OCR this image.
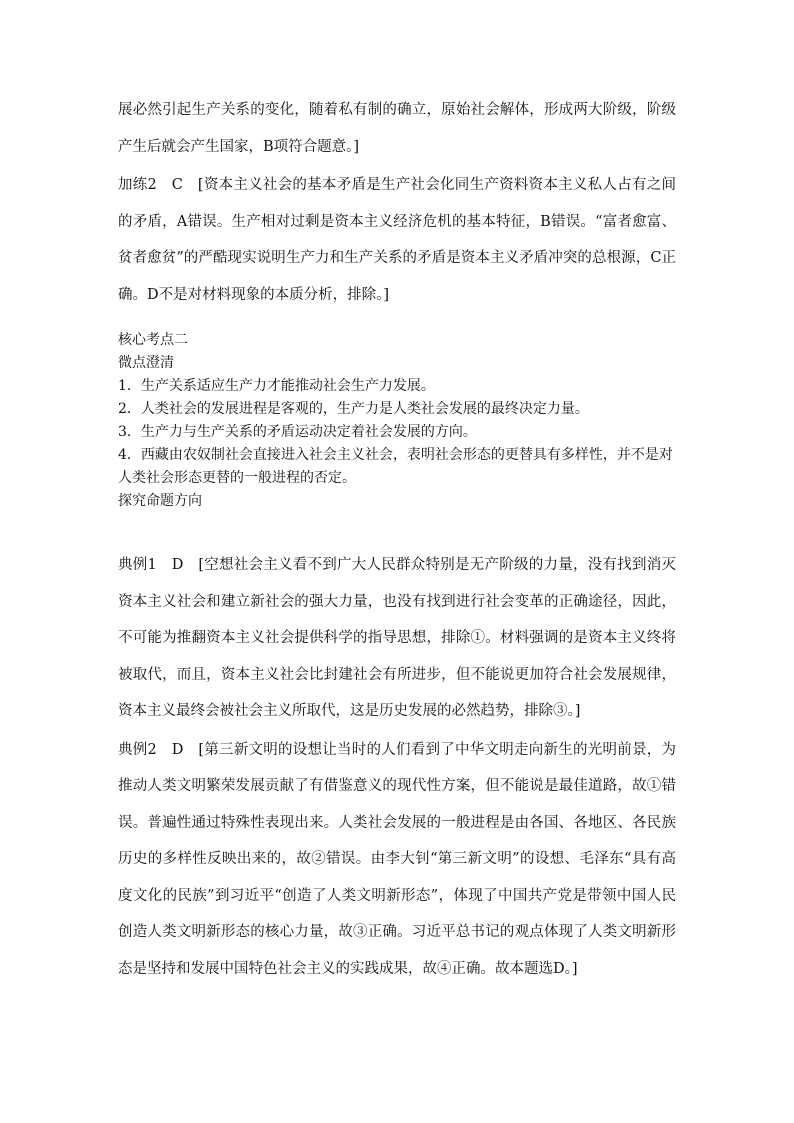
展必然引起生产关系的变化，随着私有制的确立，原始社会解体，形成两大阶级，阶级产生后就会产生国家，B项符合题意。]

加练2　C　[资本主义社会的基本矛盾是生产社会化同生产资料资本主义私人占有之间的矛盾，A错误。生产相对过剩是资本主义经济危机的基本特征，B错误。“富者愈富、贫者愈贫”的严酷现实说明生产力和生产关系的矛盾是资本主义矛盾冲突的总根源，C正确。D不是对材料现象的本质分析，排除。]

核心考点二

微点澄清

1．生产关系适应生产力才能推动社会生产力发展。

2．人类社会的发展进程是客观的，生产力是人类社会发展的最终决定力量。

3．生产力与生产关系的矛盾运动决定着社会发展的方向。

4．西藏由农奴制社会直接进入社会主义社会，表明社会形态的更替具有多样性，并不是对人类社会形态更替的一般进程的否定。

探究命题方向

典例1　D　[空想社会主义看不到广大人民群众特别是无产阶级的力量，没有找到消灭资本主义社会和建立新社会的强大力量，也没有找到进行社会变革的正确途径，因此，不可能为推翻资本主义社会提供科学的指导思想，排除①。材料强调的是资本主义终将被取代，而且，资本主义社会比封建社会有所进步，但不能说更加符合社会发展规律，资本主义最终会被社会主义所取代，这是历史发展的必然趋势，排除③。]

典例2　D　[第三新文明的设想让当时的人们看到了中华文明走向新生的光明前景，为推动人类文明繁荣发展贡献了有借鉴意义的现代性方案，但不能说是最佳道路，故①错误。普遍性通过特殊性表现出来。人类社会发展的一般进程是由各国、各地区、各民族历史的多样性反映出来的，故②错误。由李大钊“第三新文明”的设想、毛泽东“具有高度文化的民族”到习近平“创造了人类文明新形态”，体现了中国共产党是带领中国人民创造人类文明新形态的核心力量，故③正确。习近平总书记的观点体现了人类文明新形态是坚持和发展中国特色社会主义的实践成果，故④正确。故本题选D。]
